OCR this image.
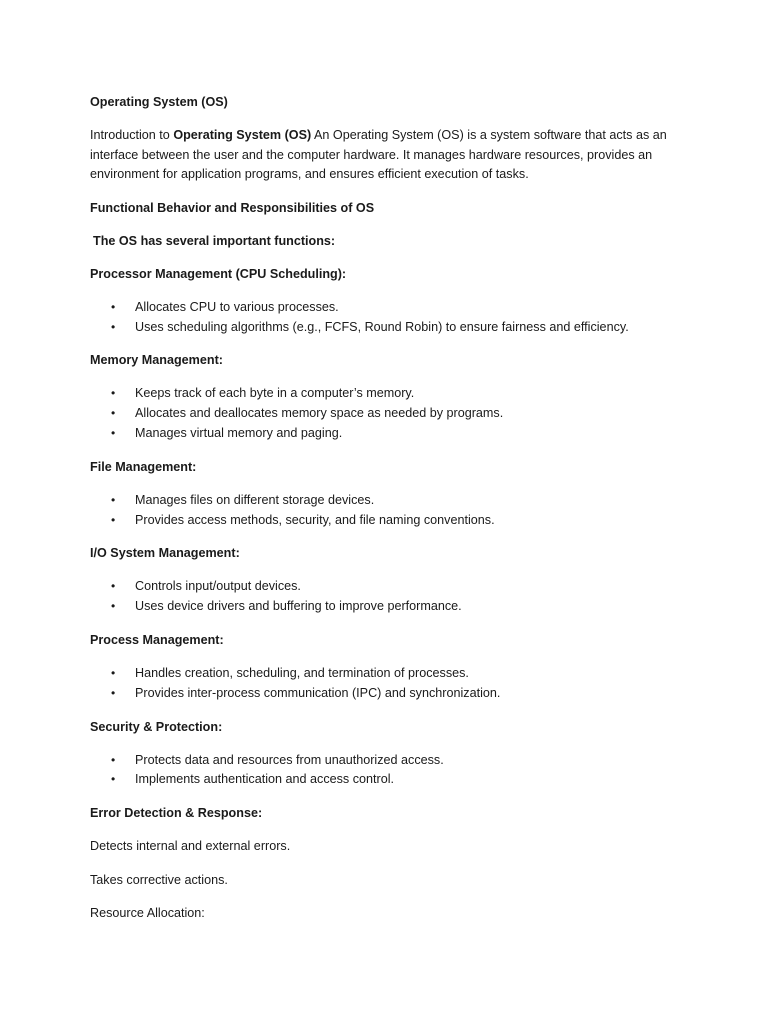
Operating System (OS)
Introduction to Operating System (OS) An Operating System (OS) is a system software that acts as an interface between the user and the computer hardware. It manages hardware resources, provides an environment for application programs, and ensures efficient execution of tasks.
Functional Behavior and Responsibilities of OS
The OS has several important functions:
Processor Management (CPU Scheduling):
• Allocates CPU to various processes.
• Uses scheduling algorithms (e.g., FCFS, Round Robin) to ensure fairness and efficiency.
Memory Management:
• Keeps track of each byte in a computer’s memory.
• Allocates and deallocates memory space as needed by programs.
• Manages virtual memory and paging.
File Management:
• Manages files on different storage devices.
• Provides access methods, security, and file naming conventions.
I/O System Management:
• Controls input/output devices.
• Uses device drivers and buffering to improve performance.
Process Management:
• Handles creation, scheduling, and termination of processes.
• Provides inter-process communication (IPC) and synchronization.
Security & Protection:
• Protects data and resources from unauthorized access.
• Implements authentication and access control.
Error Detection & Response:
Detects internal and external errors.
Takes corrective actions.
Resource Allocation:
